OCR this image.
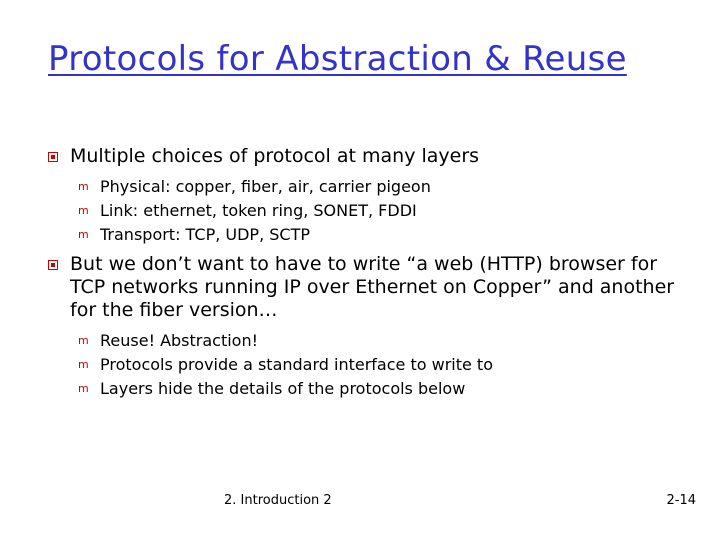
Protocols for Abstraction & Reuse
Multiple choices of protocol at many layers
m Physical: copper, fiber, air, carrier pigeon
m Link: ethernet, token ring, SONET, FDDI
m Transport: TCP, UDP, SCTP
But we don’t want to have to write “a web (HTTP) browser for TCP networks running IP over Ethernet on Copper” and another for the fiber version…
m Reuse! Abstraction!
m Protocols provide a standard interface to write to
m Layers hide the details of the protocols below
2. Introduction 2	2-14
